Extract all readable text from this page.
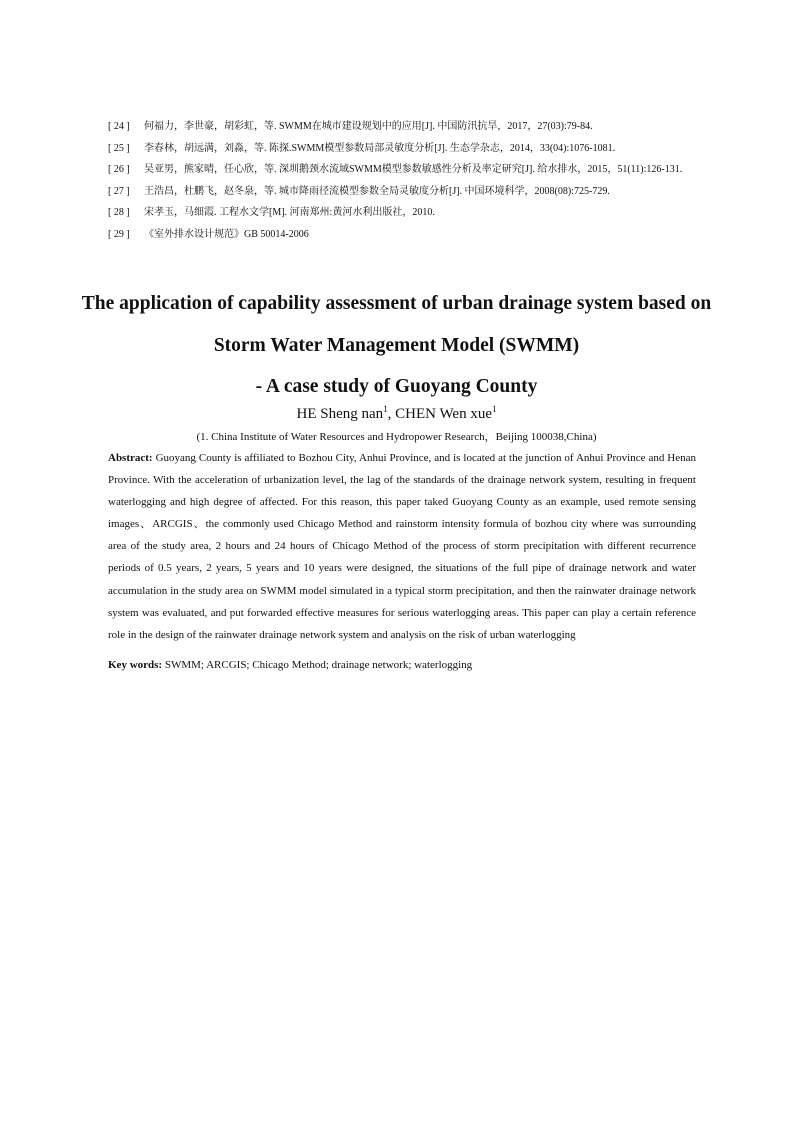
[ 24 ]	何福力，李世豪，胡彩虹，等. SWMM在城市建设规划中的应用[J]. 中国防汛抗旱，2017，27(03):79-84.
[ 25 ]	李春林，胡远满，刘淼，等. 陈探.SWMM模型参数局部灵敏度分析[J]. 生态学杂志，2014，33(04):1076-1081.
[ 26 ]	吴亚男，熊家晴，任心欣，等. 深圳鹅颈水流域SWMM模型参数敏感性分析及率定研究[J]. 给水排水，2015，51(11):126-131.
[ 27 ]	王浩昌，杜鹏飞，赵冬泉，等. 城市降雨径流模型参数全局灵敏度分析[J]. 中国环境科学，2008(08):725-729.
[ 28 ]	宋孝玉，马细霞. 工程水文学[M]. 河南郑州:黄河水利出版社，2010.
[ 29 ]	《室外排水设计规范》GB 50014-2006
The application of capability assessment of urban drainage system based on
Storm Water Management Model (SWMM)
- A case study of Guoyang County
HE Sheng nan$^1$, CHEN Wen xue$^1$
(1. China Institute of Water Resources and Hydropower Research，Beijing 100038,China)

Abstract: Guoyang County is affiliated to Bozhou City, Anhui Province, and is located at the junction of Anhui Province and Henan Province. With the acceleration of urbanization level, the lag of the standards of the drainage network system, resulting in frequent waterlogging and high degree of affected. For this reason, this paper taked Guoyang County as an example, used remote sensing images、ARCGIS、the commonly used Chicago Method and rainstorm intensity formula of bozhou city where was surrounding area of the study area, 2 hours and 24 hours of Chicago Method of the process of storm precipitation with different recurrence periods of 0.5 years, 2 years, 5 years and 10 years were designed, the situations of the full pipe of drainage network and water accumulation in the study area on SWMM model simulated in a typical storm precipitation, and then the rainwater drainage network system was evaluated, and put forwarded effective measures for serious waterlogging areas. This paper can play a certain reference role in the design of the rainwater drainage network system and analysis on the risk of urban waterlogging

Key words: SWMM; ARCGIS; Chicago Method; drainage network; waterlogging
